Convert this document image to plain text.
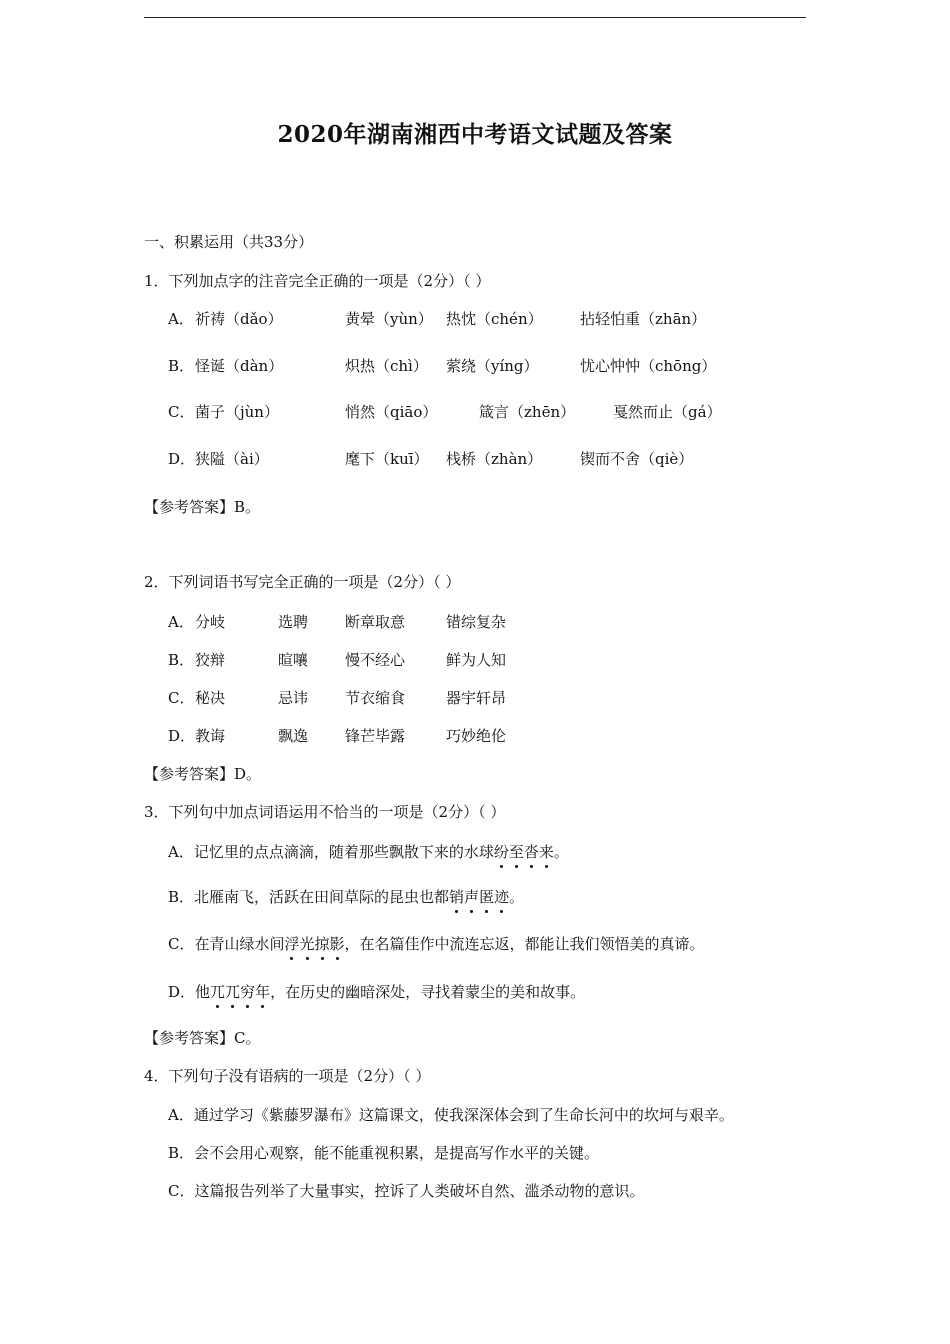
2020年湖南湘西中考语文试题及答案
一、积累运用（共33分）
1．下列加点字的注音完全正确的一项是（2分）（ ）
A． 祈祷（dǎo）	黄晕（yùn） 热忱（chén） 拈轻怕重（zhān）
B． 怪诞（dàn）	炽热（chì） 萦绕（yíng）	忧心忡忡（chōng）
C． 菌子（jùn）	悄然（qiāo）	箴言（zhēn）	戛然而止（gá）
D． 狭隘（ài）	麾下（kuī） 栈桥（zhàn）	锲而不舍（qiè）
【参考答案】B。
2．下列词语书写完全正确的一项是（2分）（ ）
A． 分岐	选聘 断章取意	错综复杂
B． 狡辩	暄嚷 慢不经心	鲜为人知
C． 秘决	忌讳 节衣缩食	器宇轩昂
D． 教诲	飘逸 锋芒毕露	巧妙绝伦
【参考答案】D。
3．下列句中加点词语运用不恰当的一项是（2分）（ ）
A．记忆里的点点滴滴，随着那些飘散下来的水球纷至沓来。
B．北雁南飞，活跃在田间草际的昆虫也都销声匿迹。
C．在青山绿水间浮光掠影，在名篇佳作中流连忘返，都能让我们领悟美的真谛。
D．他兀兀穷年，在历史的幽暗深处，寻找着蒙尘的美和故事。
【参考答案】C。
4．下列句子没有语病的一项是（2分）（ ）
A．通过学习《紫藤罗瀑布》这篇课文，使我深深体会到了生命长河中的坎坷与艰辛。
B．会不会用心观察，能不能重视积累，是提高写作水平的关键。
C．这篇报告列举了大量事实，控诉了人类破坏自然、滥杀动物的意识。
